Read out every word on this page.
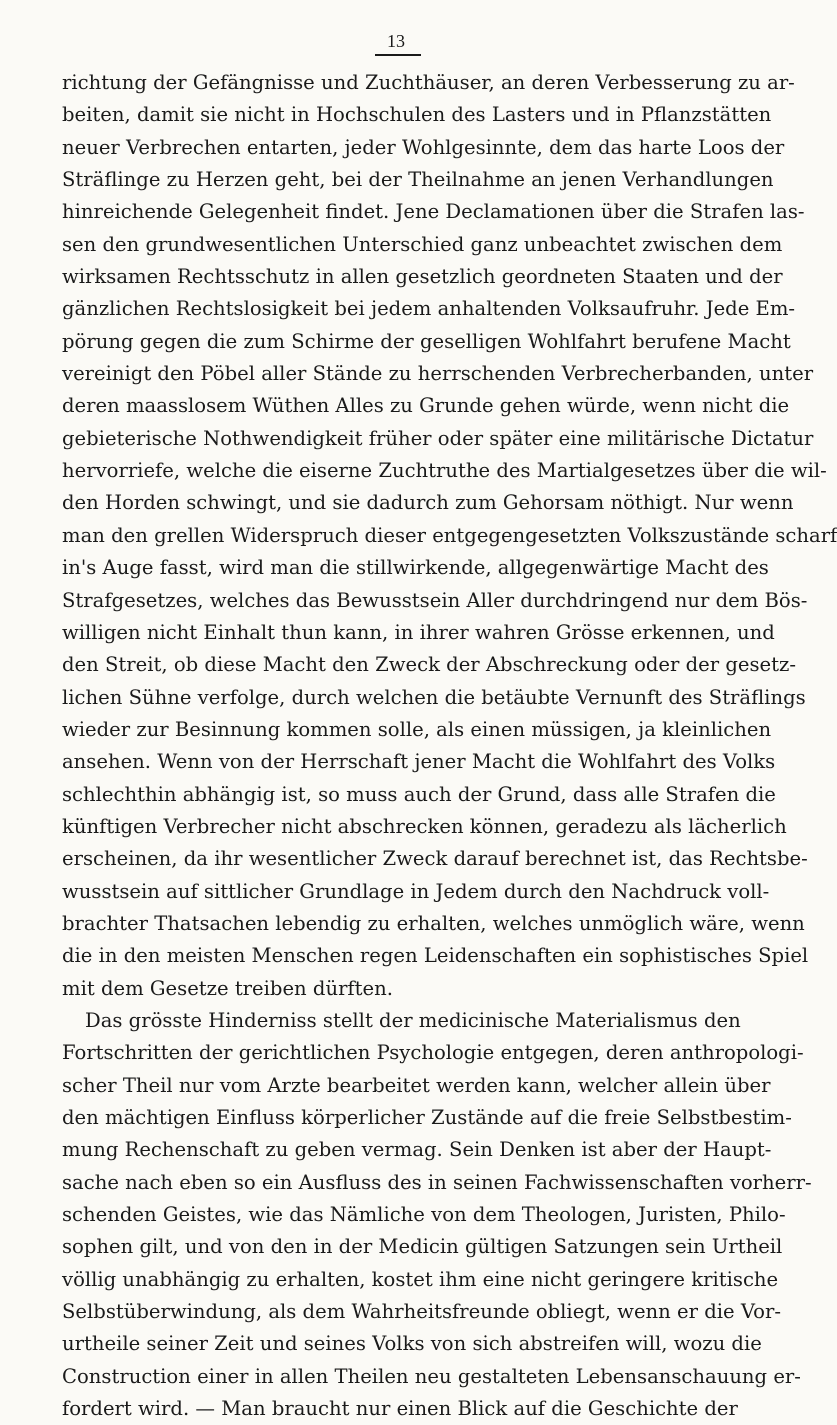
13
richtung der Gefängnisse und Zuchthäuser, an deren Verbesserung zu ar-
beiten, damit sie nicht in Hochschulen des Lasters und in Pflanzstätten
neuer Verbrechen entarten, jeder Wohlgesinnte, dem das harte Loos der
Sträflinge zu Herzen geht, bei der Theilnahme an jenen Verhandlungen
hinreichende Gelegenheit findet. Jene Declamationen über die Strafen las-
sen den grundwesentlichen Unterschied ganz unbeachtet zwischen dem
wirksamen Rechtsschutz in allen gesetzlich geordneten Staaten und der
gänzlichen Rechtslosigkeit bei jedem anhaltenden Volksaufruhr. Jede Em-
pörung gegen die zum Schirme der geselligen Wohlfahrt berufene Macht
vereinigt den Pöbel aller Stände zu herrschenden Verbrecherbanden, unter
deren maasslosem Wüthen Alles zu Grunde gehen würde, wenn nicht die
gebieterische Nothwendigkeit früher oder später eine militärische Dictatur
hervorriefe, welche die eiserne Zuchtruthe des Martialgesetzes über die wil-
den Horden schwingt, und sie dadurch zum Gehorsam nöthigt. Nur wenn
man den grellen Widerspruch dieser entgegengesetzten Volkszustände scharf
in's Auge fasst, wird man die stillwirkende, allgegenwärtige Macht des
Strafgesetzes, welches das Bewusstsein Aller durchdringend nur dem Bös-
willigen nicht Einhalt thun kann, in ihrer wahren Grösse erkennen, und
den Streit, ob diese Macht den Zweck der Abschreckung oder der gesetz-
lichen Sühne verfolge, durch welchen die betäubte Vernunft des Sträflings
wieder zur Besinnung kommen solle, als einen müssigen, ja kleinlichen
ansehen. Wenn von der Herrschaft jener Macht die Wohlfahrt des Volks
schlechthin abhängig ist, so muss auch der Grund, dass alle Strafen die
künftigen Verbrecher nicht abschrecken können, geradezu als lächerlich
erscheinen, da ihr wesentlicher Zweck darauf berechnet ist, das Rechtsbe-
wusstsein auf sittlicher Grundlage in Jedem durch den Nachdruck voll-
brachter Thatsachen lebendig zu erhalten, welches unmöglich wäre, wenn
die in den meisten Menschen regen Leidenschaften ein sophistisches Spiel
mit dem Gesetze treiben dürften.
Das grösste Hinderniss stellt der medicinische Materialismus den
Fortschritten der gerichtlichen Psychologie entgegen, deren anthropologi-
scher Theil nur vom Arzte bearbeitet werden kann, welcher allein über
den mächtigen Einfluss körperlicher Zustände auf die freie Selbstbestim-
mung Rechenschaft zu geben vermag. Sein Denken ist aber der Haupt-
sache nach eben so ein Ausfluss des in seinen Fachwissenschaften vorherr-
schenden Geistes, wie das Nämliche von dem Theologen, Juristen, Philo-
sophen gilt, und von den in der Medicin gültigen Satzungen sein Urtheil
völlig unabhängig zu erhalten, kostet ihm eine nicht geringere kritische
Selbstüberwindung, als dem Wahrheitsfreunde obliegt, wenn er die Vor-
urtheile seiner Zeit und seines Volks von sich abstreifen will, wozu die
Construction einer in allen Theilen neu gestalteten Lebensanschauung er-
fordert wird. — Man braucht nur einen Blick auf die Geschichte der
